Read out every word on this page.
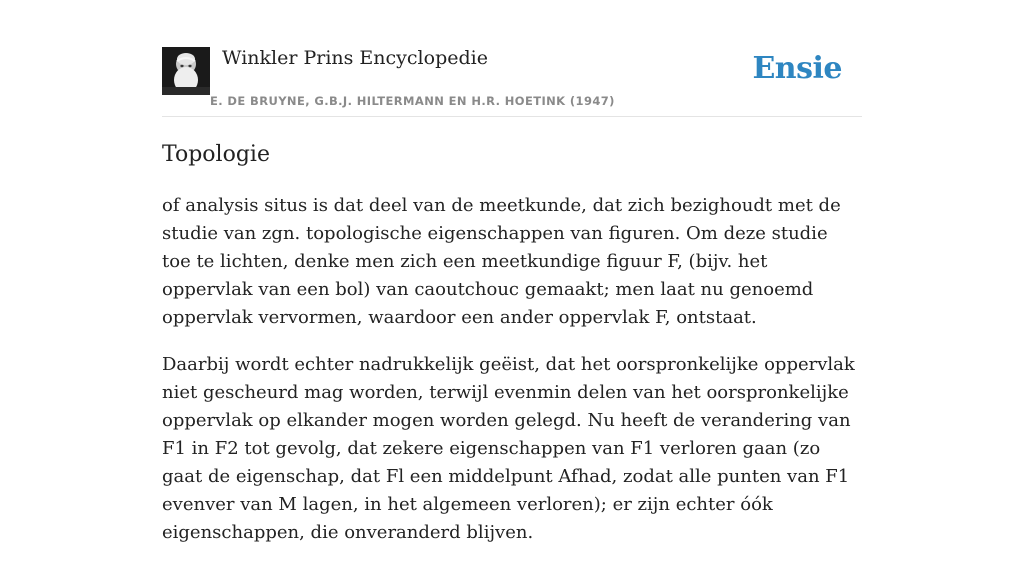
Winkler Prins Encyclopedie
E. DE BRUYNE, G.B.J. HILTERMANN EN H.R. HOETINK (1947)
Ensie
Topologie

of analysis situs is dat deel van de meetkunde, dat zich bezighoudt met de studie van zgn. topologische eigenschappen van figuren. Om deze studie toe te lichten, denke men zich een meetkundige figuur F, (bijv. het oppervlak van een bol) van caoutchouc gemaakt; men laat nu genoemd oppervlak vervormen, waardoor een ander oppervlak F, ontstaat.

Daarbij wordt echter nadrukkelijk geëist, dat het oorspronkelijke oppervlak niet gescheurd mag worden, terwijl evenmin delen van het oorspronkelijke oppervlak op elkander mogen worden gelegd. Nu heeft de verandering van F1 in F2 tot gevolg, dat zekere eigenschappen van F1 verloren gaan (zo gaat de eigenschap, dat Fl een middelpunt Afhad, zodat alle punten van F1 evenver van M lagen, in het algemeen verloren); er zijn echter óók eigenschappen, die onveranderd blijven.
